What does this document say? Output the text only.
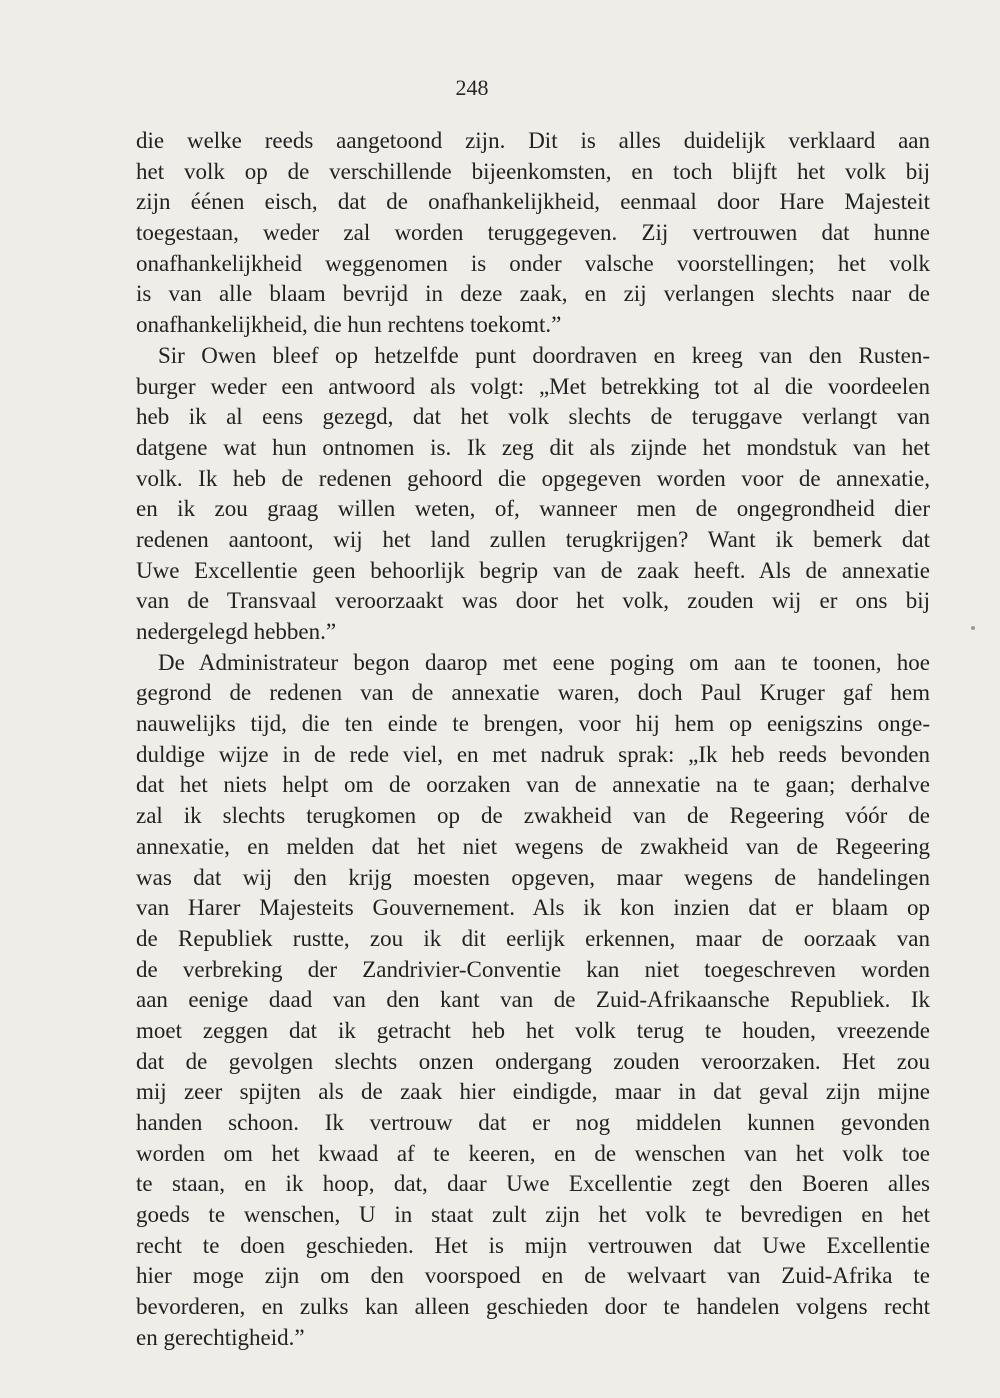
248
die welke reeds aangetoond zijn. Dit is alles duidelijk verklaard aan
het volk op de verschillende bijeenkomsten, en toch blijft het volk bij
zijn éénen eisch, dat de onafhankelijkheid, eenmaal door Hare Majesteit
toegestaan, weder zal worden teruggegeven. Zij vertrouwen dat hunne
onafhankelijkheid weggenomen is onder valsche voorstellingen; het volk
is van alle blaam bevrijd in deze zaak, en zij verlangen slechts naar de
onafhankelijkheid, die hun rechtens toekomt.”
Sir Owen bleef op hetzelfde punt doordraven en kreeg van den Rusten-
burger weder een antwoord als volgt: „Met betrekking tot al die voordeelen
heb ik al eens gezegd, dat het volk slechts de teruggave verlangt van
datgene wat hun ontnomen is. Ik zeg dit als zijnde het mondstuk van het
volk. Ik heb de redenen gehoord die opgegeven worden voor de annexatie,
en ik zou graag willen weten, of, wanneer men de ongegrondheid dier
redenen aantoont, wij het land zullen terugkrijgen? Want ik bemerk dat
Uwe Excellentie geen behoorlijk begrip van de zaak heeft. Als de annexatie
van de Transvaal veroorzaakt was door het volk, zouden wij er ons bij
nedergelegd hebben.”
De Administrateur begon daarop met eene poging om aan te toonen, hoe
gegrond de redenen van de annexatie waren, doch Paul Kruger gaf hem
nauwelijks tijd, die ten einde te brengen, voor hij hem op eenigszins onge-
duldige wijze in de rede viel, en met nadruk sprak: „Ik heb reeds bevonden
dat het niets helpt om de oorzaken van de annexatie na te gaan; derhalve
zal ik slechts terugkomen op de zwakheid van de Regeering vóór de
annexatie, en melden dat het niet wegens de zwakheid van de Regeering
was dat wij den krijg moesten opgeven, maar wegens de handelingen
van Harer Majesteits Gouvernement. Als ik kon inzien dat er blaam op
de Republiek rustte, zou ik dit eerlijk erkennen, maar de oorzaak van
de verbreking der Zandrivier-Conventie kan niet toegeschreven worden
aan eenige daad van den kant van de Zuid-Afrikaansche Republiek. Ik
moet zeggen dat ik getracht heb het volk terug te houden, vreezende
dat de gevolgen slechts onzen ondergang zouden veroorzaken. Het zou
mij zeer spijten als de zaak hier eindigde, maar in dat geval zijn mijne
handen schoon. Ik vertrouw dat er nog middelen kunnen gevonden
worden om het kwaad af te keeren, en de wenschen van het volk toe
te staan, en ik hoop, dat, daar Uwe Excellentie zegt den Boeren alles
goeds te wenschen, U in staat zult zijn het volk te bevredigen en het
recht te doen geschieden. Het is mijn vertrouwen dat Uwe Excellentie
hier moge zijn om den voorspoed en de welvaart van Zuid-Afrika te
bevorderen, en zulks kan alleen geschieden door te handelen volgens recht
en gerechtigheid.”
